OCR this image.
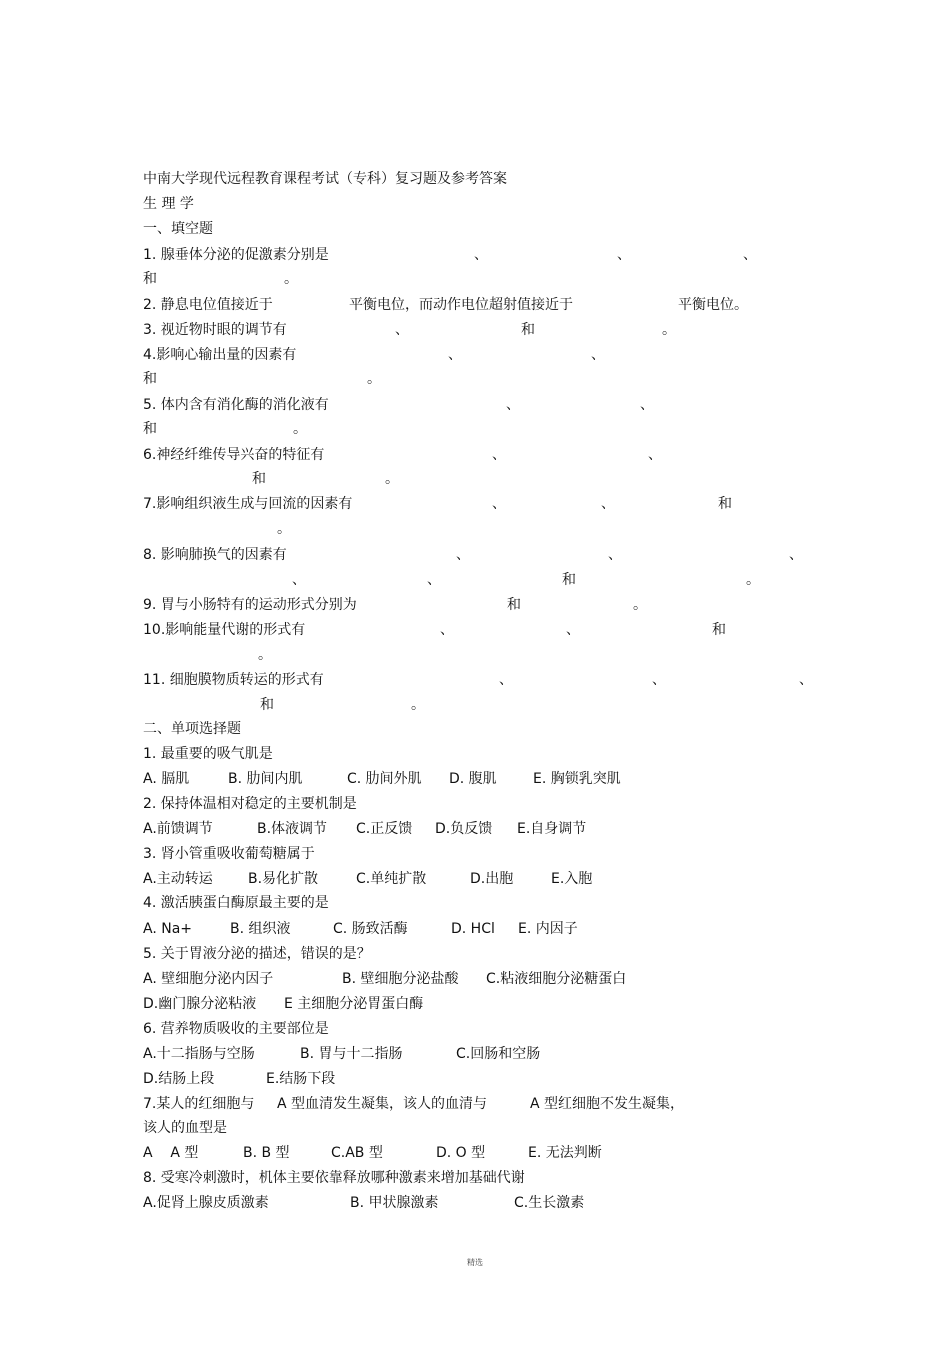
中南大学现代远程教育课程考试（专科）复习题及参考答案
生 理 学
一、填空题
1. 腺垂体分泌的促激素分别是	、	、	、
和	。
2. 静息电位值接近于	平衡电位，而动作电位超射值接近于	平衡电位。
3. 视近物时眼的调节有	、	和	。
4.影响心输出量的因素有	、	、
和	。
5. 体内含有消化酶的消化液有	、	、
和	。
6.神经纤维传导兴奋的特征有	、	、
和	。
7.影响组织液生成与回流的因素有	、	、	和
。
8. 影响肺换气的因素有	、	、	、
、	、	和	。
9. 胃与小肠特有的运动形式分别为	和	。
10.影响能量代谢的形式有	、	、	和
。
11. 细胞膜物质转运的形式有	、	、	、
和	。
二、单项选择题
1. 最重要的吸气肌是
A. 膈肌	B. 肋间内肌	C. 肋间外肌 D. 腹肌	E. 胸锁乳突肌
2. 保持体温相对稳定的主要机制是
A.前馈调节	B.体液调节 C.正反馈 D.负反馈 E.自身调节
3. 肾小管重吸收葡萄糖属于
A.主动转运	B.易化扩散	C.单纯扩散	D.出胞	E.入胞
4. 激活胰蛋白酶原最主要的是
A. Na+	B. 组织液	C. 肠致活酶	D. HCl E. 内因子
5. 关于胃液分泌的描述，错误的是？
A. 壁细胞分泌内因子	B. 壁细胞分泌盐酸 C.粘液细胞分泌糖蛋白
D.幽门腺分泌粘液 E 主细胞分泌胃蛋白酶
6. 营养物质吸收的主要部位是
A.十二指肠与空肠	B. 胃与十二指肠	C.回肠和空肠
D.结肠上段	E.结肠下段
7.某人的红细胞与 A 型血清发生凝集，该人的血清与	A 型红细胞不发生凝集，
该人的血型是
A    A 型	B. B 型	C.AB 型	D. O 型	E. 无法判断
8. 受寒冷刺激时，机体主要依靠释放哪种激素来增加基础代谢
A.促肾上腺皮质激素	B. 甲状腺激素	C.生长激素
精选
